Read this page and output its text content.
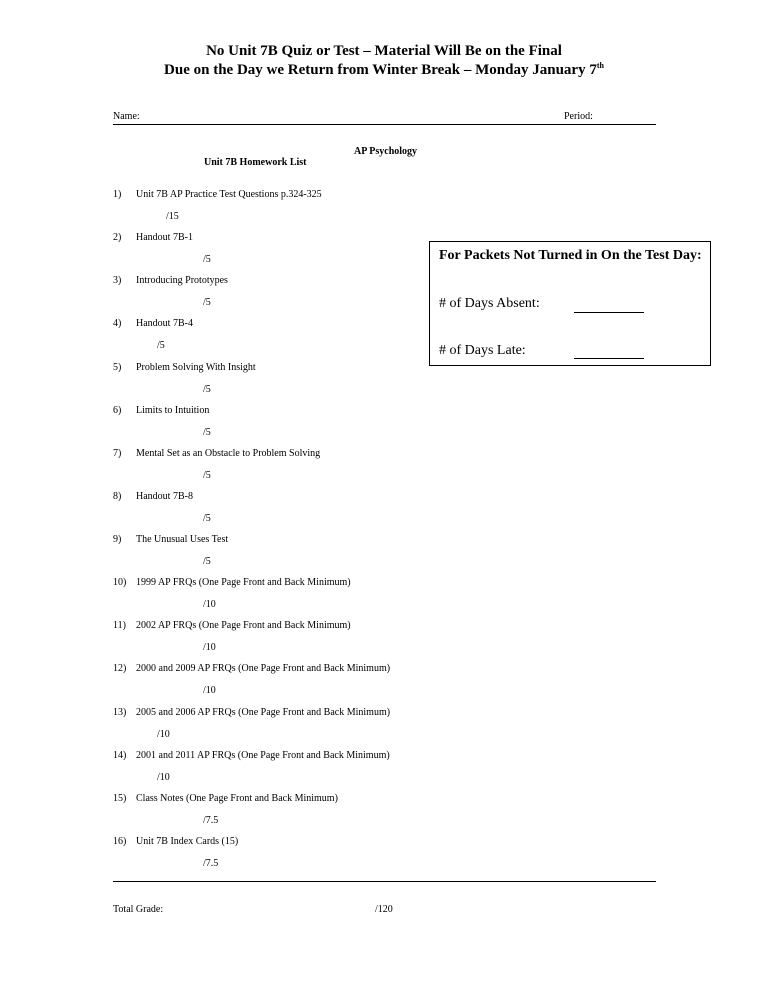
No Unit 7B Quiz or Test – Material Will Be on the Final
Due on the Day we Return from Winter Break – Monday January 7th
Name:	Period:
AP Psychology
Unit 7B Homework List
1) Unit 7B AP Practice Test Questions p.324-325
/15
2) Handout 7B-1
/5
3) Introducing Prototypes
/5
4) Handout 7B-4
/5
5) Problem Solving With Insight
/5
6) Limits to Intuition
/5
7) Mental Set as an Obstacle to Problem Solving
/5
8) Handout 7B-8
/5
9) The Unusual Uses Test
/5
10) 1999 AP FRQs (One Page Front and Back Minimum)
/10
11) 2002 AP FRQs (One Page Front and Back Minimum)
/10
12) 2000 and 2009 AP FRQs (One Page Front and Back Minimum)
/10
13) 2005 and 2006 AP FRQs (One Page Front and Back Minimum)
/10
14) 2001 and 2011 AP FRQs (One Page Front and Back Minimum)
/10
15) Class Notes (One Page Front and Back Minimum)
/7.5
16) Unit 7B Index Cards (15)
/7.5
For Packets Not Turned in On the Test Day:
# of Days Absent:
# of Days Late:
Total Grade:	/120
